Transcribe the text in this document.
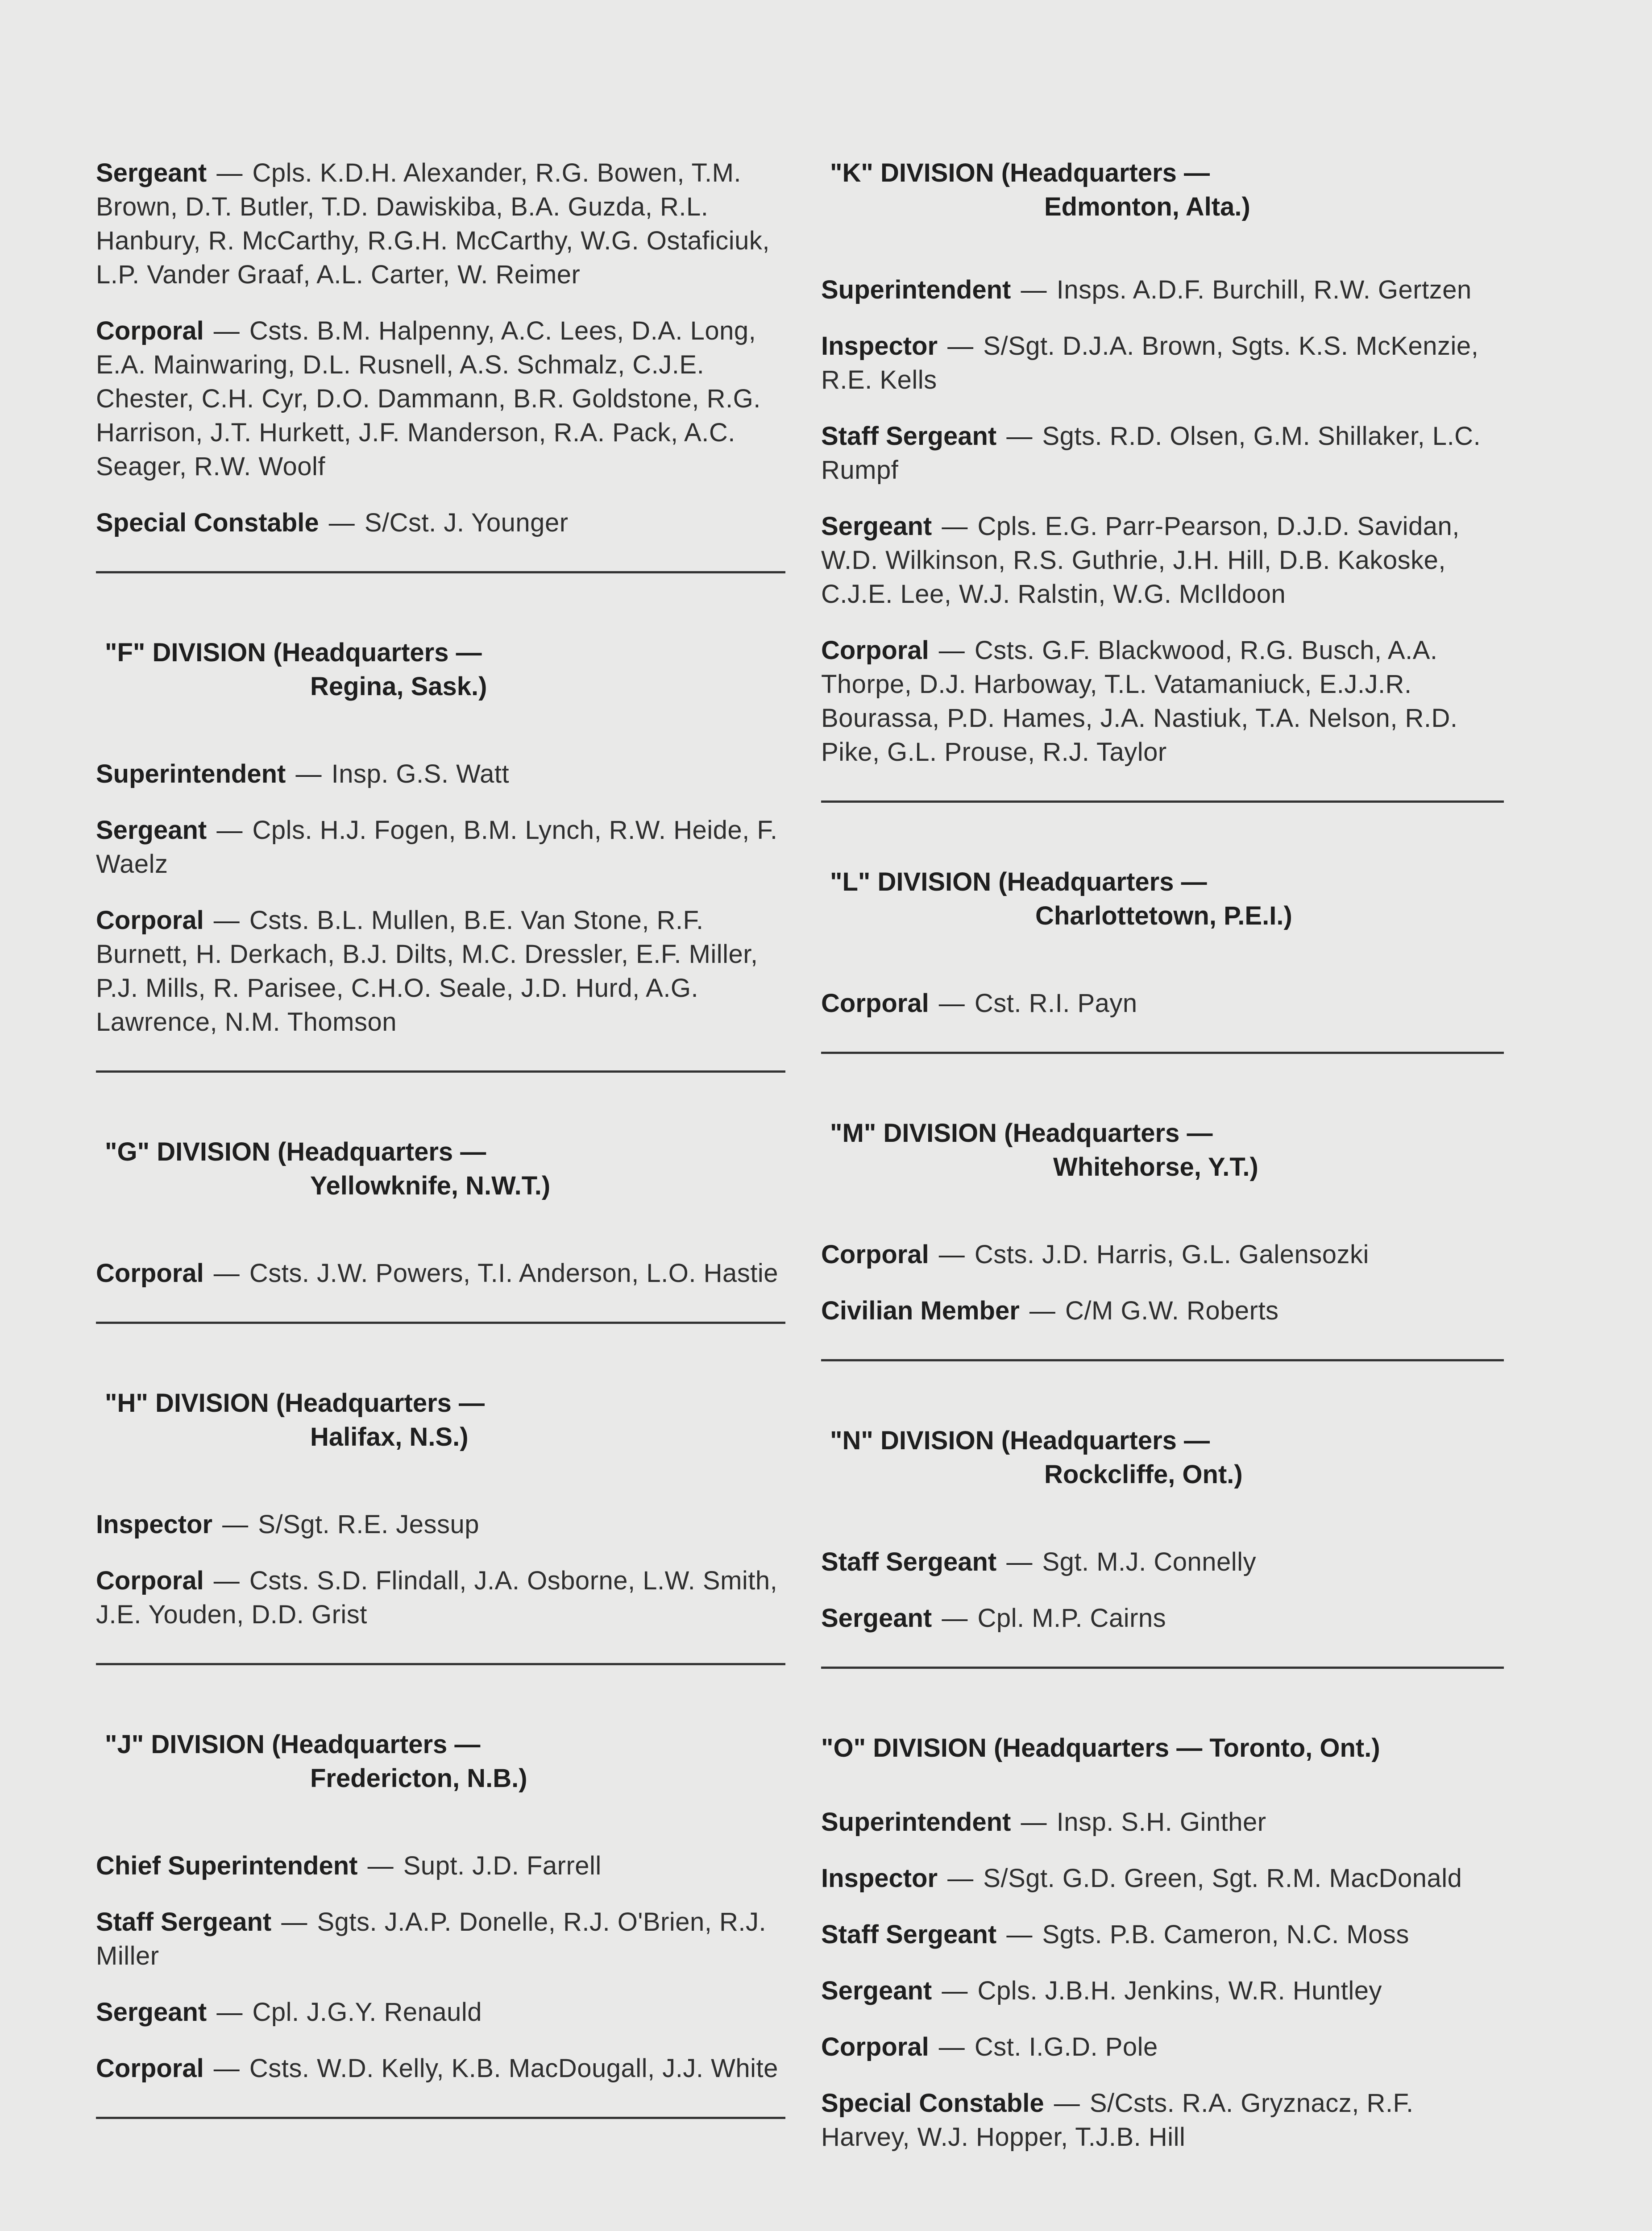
Sergeant — Cpls. K.D.H. Alexander, R.G. Bowen, T.M. Brown, D.T. Butler, T.D. Dawiskiba, B.A. Guzda, R.L. Hanbury, R. McCarthy, R.G.H. McCarthy, W.G. Ostaficiuk, L.P. Vander Graaf, A.L. Carter, W. Reimer
Corporal — Csts. B.M. Halpenny, A.C. Lees, D.A. Long, E.A. Mainwaring, D.L. Rusnell, A.S. Schmalz, C.J.E. Chester, C.H. Cyr, D.O. Dammann, B.R. Goldstone, R.G. Harrison, J.T. Hurkett, J.F. Manderson, R.A. Pack, A.C. Seager, R.W. Woolf
Special Constable — S/Cst. J. Younger
"F" DIVISION (Headquarters —
Regina, Sask.)
Superintendent — Insp. G.S. Watt
Sergeant — Cpls. H.J. Fogen, B.M. Lynch, R.W. Heide, F. Waelz
Corporal — Csts. B.L. Mullen, B.E. Van Stone, R.F. Burnett, H. Derkach, B.J. Dilts, M.C. Dressler, E.F. Miller, P.J. Mills, R. Parisee, C.H.O. Seale, J.D. Hurd, A.G. Lawrence, N.M. Thomson
"G" DIVISION (Headquarters —
Yellowknife, N.W.T.)
Corporal — Csts. J.W. Powers, T.I. Anderson, L.O. Hastie
"H" DIVISION (Headquarters —
Halifax, N.S.)
Inspector — S/Sgt. R.E. Jessup
Corporal — Csts. S.D. Flindall, J.A. Osborne, L.W. Smith, J.E. Youden, D.D. Grist
"J" DIVISION (Headquarters —
Fredericton, N.B.)
Chief Superintendent — Supt. J.D. Farrell
Staff Sergeant — Sgts. J.A.P. Donelle, R.J. O'Brien, R.J. Miller
Sergeant — Cpl. J.G.Y. Renauld
Corporal — Csts. W.D. Kelly, K.B. MacDougall, J.J. White
"K" DIVISION (Headquarters —
Edmonton, Alta.)
Superintendent — Insps. A.D.F. Burchill, R.W. Gertzen
Inspector — S/Sgt. D.J.A. Brown, Sgts. K.S. McKenzie, R.E. Kells
Staff Sergeant — Sgts. R.D. Olsen, G.M. Shillaker, L.C. Rumpf
Sergeant — Cpls. E.G. Parr-Pearson, D.J.D. Savidan, W.D. Wilkinson, R.S. Guthrie, J.H. Hill, D.B. Kakoske, C.J.E. Lee, W.J. Ralstin, W.G. McIldoon
Corporal — Csts. G.F. Blackwood, R.G. Busch, A.A. Thorpe, D.J. Harboway, T.L. Vatamaniuck, E.J.J.R. Bourassa, P.D. Hames, J.A. Nastiuk, T.A. Nelson, R.D. Pike, G.L. Prouse, R.J. Taylor
"L" DIVISION (Headquarters —
Charlottetown, P.E.I.)
Corporal — Cst. R.I. Payn
"M" DIVISION (Headquarters —
Whitehorse, Y.T.)
Corporal — Csts. J.D. Harris, G.L. Galensozki
Civilian Member — C/M G.W. Roberts
"N" DIVISION (Headquarters —
Rockcliffe, Ont.)
Staff Sergeant — Sgt. M.J. Connelly
Sergeant — Cpl. M.P. Cairns
"O" DIVISION (Headquarters — Toronto, Ont.)
Superintendent — Insp. S.H. Ginther
Inspector — S/Sgt. G.D. Green, Sgt. R.M. MacDonald
Staff Sergeant — Sgts. P.B. Cameron, N.C. Moss
Sergeant — Cpls. J.B.H. Jenkins, W.R. Huntley
Corporal — Cst. I.G.D. Pole
Special Constable — S/Csts. R.A. Gryznacz, R.F. Harvey, W.J. Hopper, T.J.B. Hill
